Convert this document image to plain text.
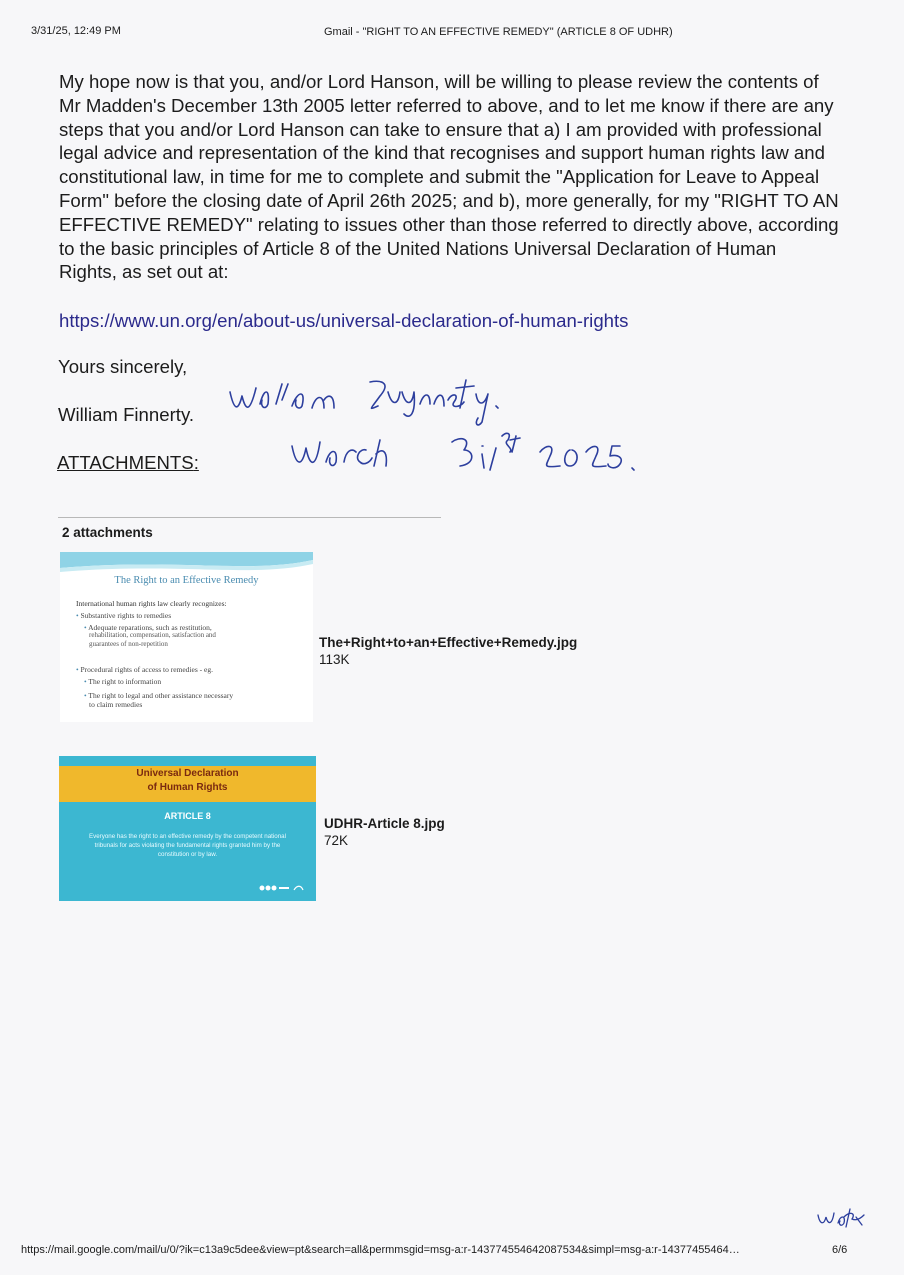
3/31/25, 12:49 PM	Gmail - "RIGHT TO AN EFFECTIVE REMEDY" (ARTICLE 8 OF UDHR)

My hope now is that you, and/or Lord Hanson, will be willing to please review the contents of Mr Madden's December 13th 2005 letter referred to above, and to let me know if there are any steps that you and/or Lord Hanson can take to ensure that a) I am provided with professional legal advice and representation of the kind that recognises and support human rights law and constitutional law, in time for me to complete and submit the "Application for Leave to Appeal Form" before the closing date of April 26th 2025; and b), more generally, for my "RIGHT TO AN EFFECTIVE REMEDY" relating to issues other than those referred to directly above, according to the basic principles of Article 8 of the United Nations Universal Declaration of Human Rights, as set out at:

https://www.un.org/en/about-us/universal-declaration-of-human-rights
Yours sincerely,
William Finnerty.
ATTACHMENTS:
2 attachments
The Right to an Effective Remedy
International human rights law clearly recognizes:
• Substantive rights to remedies
• Adequate reparations, such as restitution,
rehabilitation, compensation, satisfaction and
guarantees of non-repetition
• Procedural rights of access to remedies - eg.
• The right to information
• The right to legal and other assistance necessary
to claim remedies
The+Right+to+an+Effective+Remedy.jpg
113K
Universal Declaration
of Human Rights
ARTICLE 8
Everyone has the right to an effective remedy by the competent national tribunals for acts violating the fundamental rights granted him by the constitution or by law.
UDHR-Article 8.jpg
72K
https://mail.google.com/mail/u/0/?ik=c13a9c5dee&view=pt&search=all&permmsgid=msg-a:r-143774554642087534&simpl=msg-a:r-14377455464…	6/6
